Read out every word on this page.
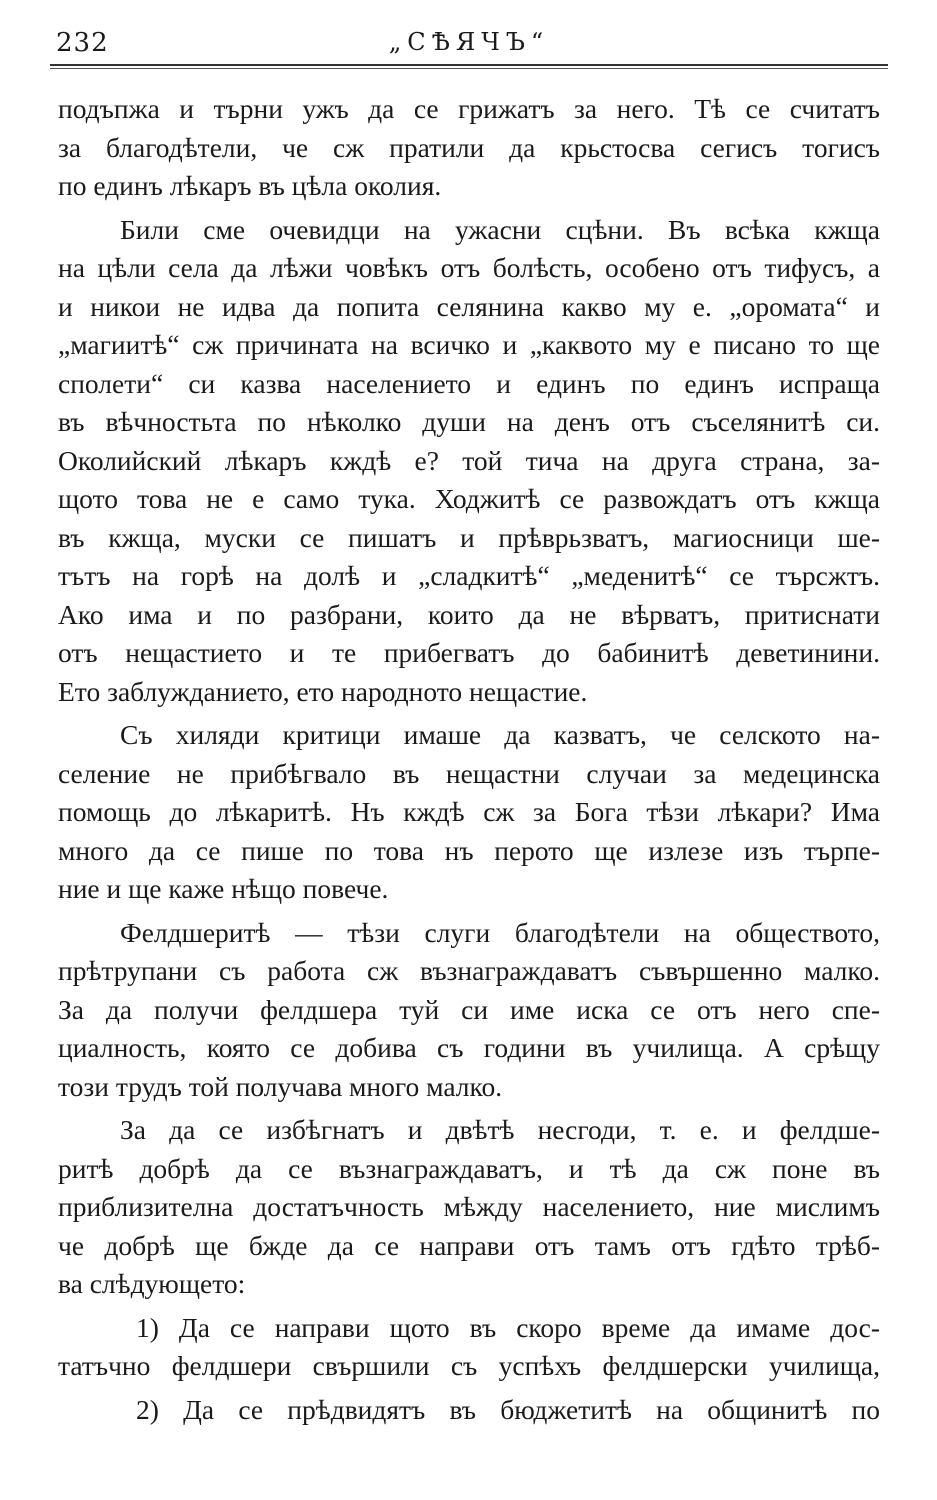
232	„СѢЯЧЪ“
подъпжа и търни ужъ да се грижатъ за него. Тѣ се считатъ
за благодѣтели, че сж пратили да крьстосва сегисъ тогисъ
по единъ лѣкаръ въ цѣла околия.
Били сме очевидци на ужасни сцѣни. Въ всѣка кжща
на цѣли села да лѣжи човѣкъ отъ болѣсть, особено отъ тифусъ, а
и никои не идва да попита селянина какво му е. „оромата“ и
„магиитѣ“ сж причината на всичко и „каквото му е писано то ще
сполети“ си казва населението и единъ по единъ испраща
въ вѣчностьта по нѣколко души на денъ отъ съселянитѣ си.
Околийский лѣкаръ кждѣ е? той тича на друга страна, за-
щото това не е само тука. Ходжитѣ се развождатъ отъ кжща
въ кжща, муски се пишатъ и прѣврьзватъ, магиосници ше-
тътъ на горѣ на долѣ и „сладкитѣ“ „меденитѣ“ се търсжтъ.
Ако има и по разбрани, които да не вѣрватъ, притиснати
отъ нещастието и те прибегватъ до бабинитѣ деветинини.
Ето заблужданието, ето народното нещастие.
Съ хиляди критици имаше да казватъ, че селското на-
селение не прибѣгвало въ нещастни случаи за медецинска
помощь до лѣкаритѣ. Нъ кждѣ сж за Бога тѣзи лѣкари? Има
много да се пише по това нъ перото ще излезе изъ търпе-
ние и ще каже нѣщо повече.
Фелдшеритѣ — тѣзи слуги благодѣтели на обществото,
прѣтрупани съ работа сж възнаграждаватъ съвършенно малко.
За да получи фелдшера туй си име иска се отъ него спе-
циалность, която се добива съ години въ училища. А срѣщу
този трудъ той получава много малко.
За да се избѣгнатъ и двѣтѣ несгоди, т. е. и фелдше-
ритѣ добрѣ да се възнаграждаватъ, и тѣ да сж поне въ
приблизителна достатъчность мѣжду населението, ние мислимъ
че добрѣ ще бжде да се направи отъ тамъ отъ гдѣто трѣб-
ва слѣдующето:
1) Да се направи щото въ скоро време да имаме дос-
татъчно фелдшери свършили съ успѣхъ фелдшерски училища,
2) Да се прѣдвидятъ въ бюджетитѣ на общинитѣ по
